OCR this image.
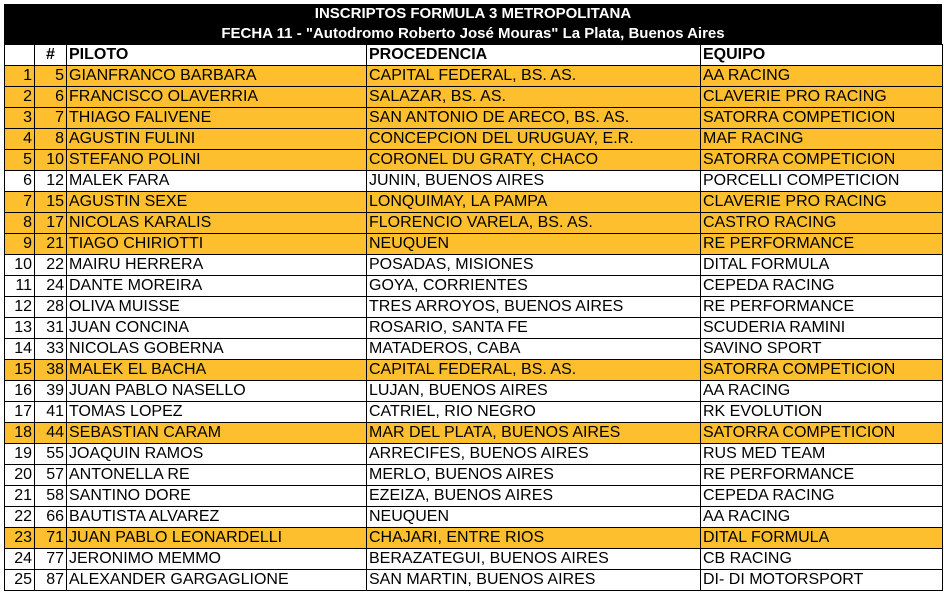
INSCRIPTOS FORMULA 3 METROPOLITANA
FECHA 11 - "Autodromo Roberto José Mouras" La Plata, Buenos Aires
	#	PILOTO	PROCEDENCIA	EQUIPO
1	5	GIANFRANCO BARBARA	CAPITAL FEDERAL, BS. AS.	AA RACING
2	6	FRANCISCO OLAVERRIA	SALAZAR, BS. AS.	CLAVERIE PRO RACING
3	7	THIAGO FALIVENE	SAN ANTONIO DE ARECO, BS. AS.	SATORRA COMPETICION
4	8	AGUSTIN FULINI	CONCEPCION DEL URUGUAY, E.R.	MAF RACING
5	10	STEFANO POLINI	CORONEL DU GRATY, CHACO	SATORRA COMPETICION
6	12	MALEK FARA	JUNIN, BUENOS AIRES	PORCELLI COMPETICION
7	15	AGUSTIN SEXE	LONQUIMAY, LA PAMPA	CLAVERIE PRO RACING
8	17	NICOLAS KARALIS	FLORENCIO VARELA, BS. AS.	CASTRO RACING
9	21	TIAGO CHIRIOTTI	NEUQUEN	RE PERFORMANCE
10	22	MAIRU HERRERA	POSADAS, MISIONES	DITAL FORMULA
11	24	DANTE MOREIRA	GOYA, CORRIENTES	CEPEDA RACING
12	28	OLIVA MUISSE	TRES ARROYOS, BUENOS AIRES	RE PERFORMANCE
13	31	JUAN CONCINA	ROSARIO, SANTA FE	SCUDERIA RAMINI
14	33	NICOLAS GOBERNA	MATADEROS, CABA	SAVINO SPORT
15	38	MALEK EL BACHA	CAPITAL FEDERAL, BS. AS.	SATORRA COMPETICION
16	39	JUAN PABLO NASELLO	LUJAN, BUENOS AIRES	AA RACING
17	41	TOMAS LOPEZ	CATRIEL, RIO NEGRO	RK EVOLUTION
18	44	SEBASTIAN CARAM	MAR DEL PLATA, BUENOS AIRES	SATORRA COMPETICION
19	55	JOAQUIN RAMOS	ARRECIFES, BUENOS AIRES	RUS MED TEAM
20	57	ANTONELLA RE	MERLO, BUENOS AIRES	RE PERFORMANCE
21	58	SANTINO DORE	EZEIZA, BUENOS AIRES	CEPEDA RACING
22	66	BAUTISTA ALVAREZ	NEUQUEN	AA RACING
23	71	JUAN PABLO LEONARDELLI	CHAJARI, ENTRE RIOS	DITAL FORMULA
24	77	JERONIMO MEMMO	BERAZATEGUI, BUENOS AIRES	CB RACING
25	87	ALEXANDER GARGAGLIONE	SAN MARTIN, BUENOS AIRES	DI- DI MOTORSPORT
